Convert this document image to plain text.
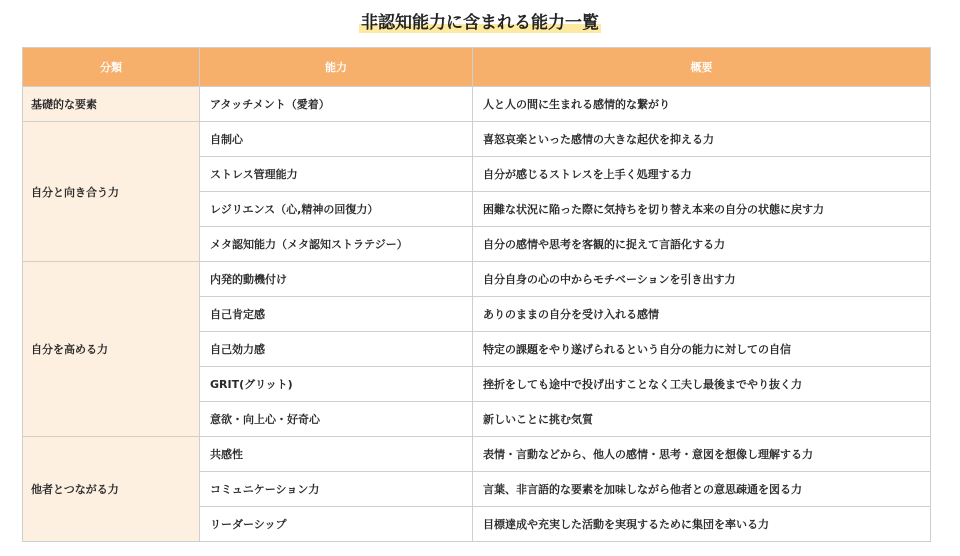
非認知能力に含まれる能力一覧
分類	能力	概要
基礎的な要素	アタッチメント（愛着）	人と人の間に生まれる感情的な繋がり
自分と向き合う力	自制心	喜怒哀楽といった感情の大きな起伏を抑える力
	ストレス管理能力	自分が感じるストレスを上手く処理する力
	レジリエンス（心,精神の回復力）	困難な状況に陥った際に気持ちを切り替え本来の自分の状態に戻す力
	メタ認知能力（メタ認知ストラテジー）	自分の感情や思考を客観的に捉えて言語化する力
自分を高める力	内発的動機付け	自分自身の心の中からモチベーションを引き出す力
	自己肯定感	ありのままの自分を受け入れる感情
	自己効力感	特定の課題をやり遂げられるという自分の能力に対しての自信
	GRIT(グリット)	挫折をしても途中で投げ出すことなく工夫し最後までやり抜く力
	意欲・向上心・好奇心	新しいことに挑む気質
他者とつながる力	共感性	表情・言動などから、他人の感情・思考・意図を想像し理解する力
	コミュニケーション力	言葉、非言語的な要素を加味しながら他者との意思疎通を図る力
	リーダーシップ	目標達成や充実した活動を実現するために集団を率いる力
